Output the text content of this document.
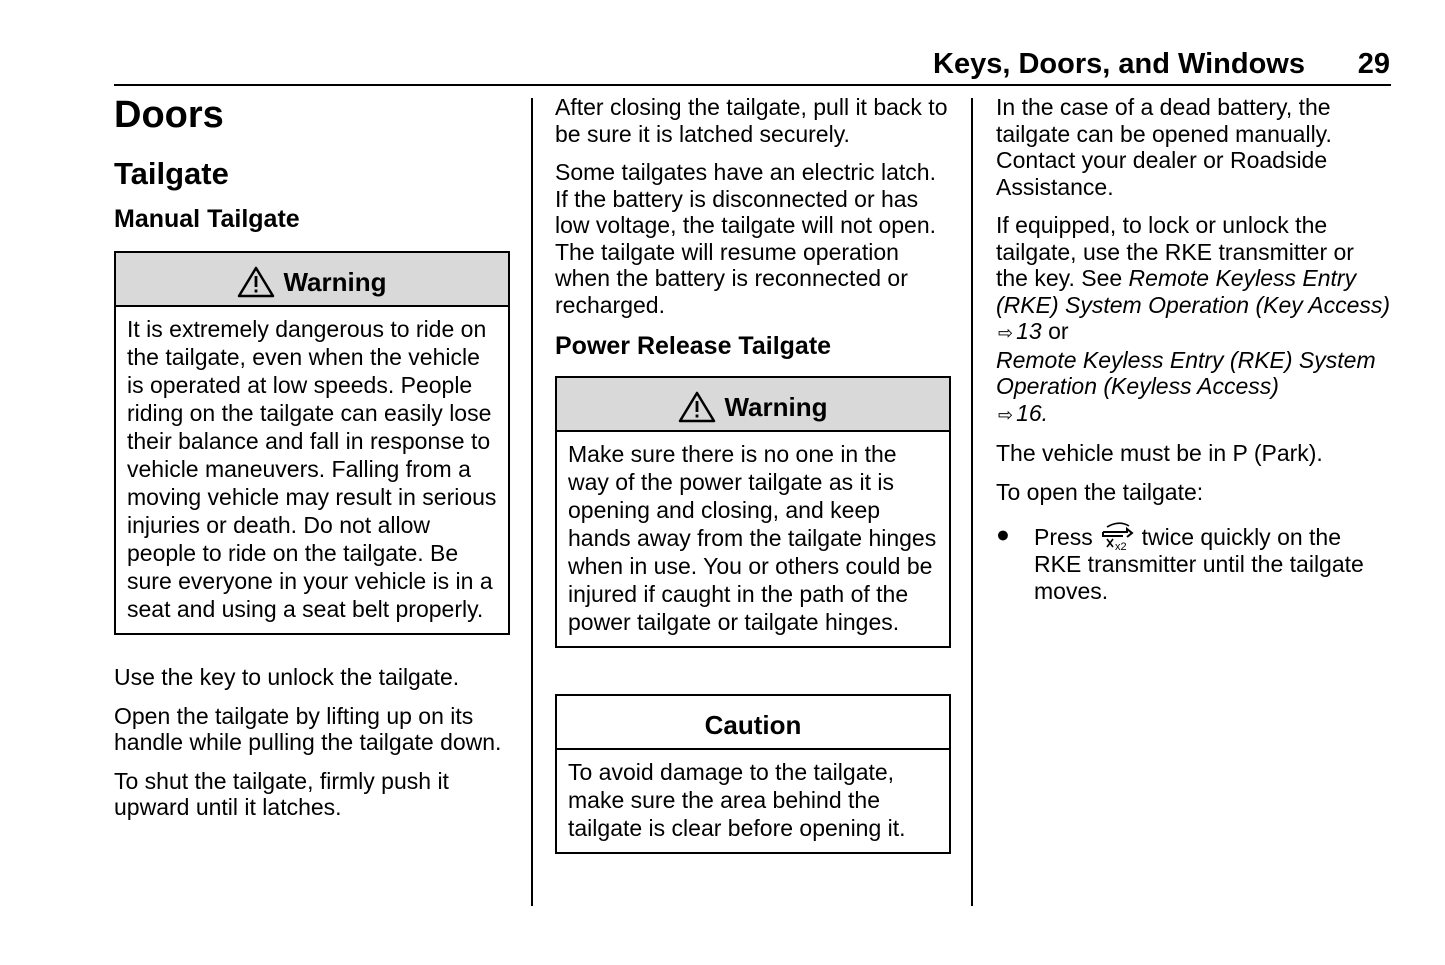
Keys, Doors, and Windows 29
Doors
Tailgate
Manual Tailgate
Warning
It is extremely dangerous to ride on the tailgate, even when the vehicle is operated at low speeds. People riding on the tailgate can easily lose their balance and fall in response to vehicle maneuvers. Falling from a moving vehicle may result in serious injuries or death. Do not allow people to ride on the tailgate. Be sure everyone in your vehicle is in a seat and using a seat belt properly.

Use the key to unlock the tailgate.

Open the tailgate by lifting up on its handle while pulling the tailgate down.

To shut the tailgate, firmly push it upward until it latches.

After closing the tailgate, pull it back to be sure it is latched securely.

Some tailgates have an electric latch. If the battery is disconnected or has low voltage, the tailgate will not open. The tailgate will resume operation when the battery is reconnected or recharged.

Power Release Tailgate
Warning
Make sure there is no one in the way of the power tailgate as it is opening and closing, and keep hands away from the tailgate hinges when in use. You or others could be injured if caught in the path of the power tailgate or tailgate hinges.
Caution
To avoid damage to the tailgate, make sure the area behind the tailgate is clear before opening it.

In the case of a dead battery, the tailgate can be opened manually. Contact your dealer or Roadside Assistance.

If equipped, to lock or unlock the tailgate, use the RKE transmitter or the key. See Remote Keyless Entry (RKE) System Operation (Key Access) ⇨ 13 or
Remote Keyless Entry (RKE) System Operation (Keyless Access)
⇨ 16.

The vehicle must be in P (Park).

To open the tailgate:

● Press x2 twice quickly on the RKE transmitter until the tailgate moves.
